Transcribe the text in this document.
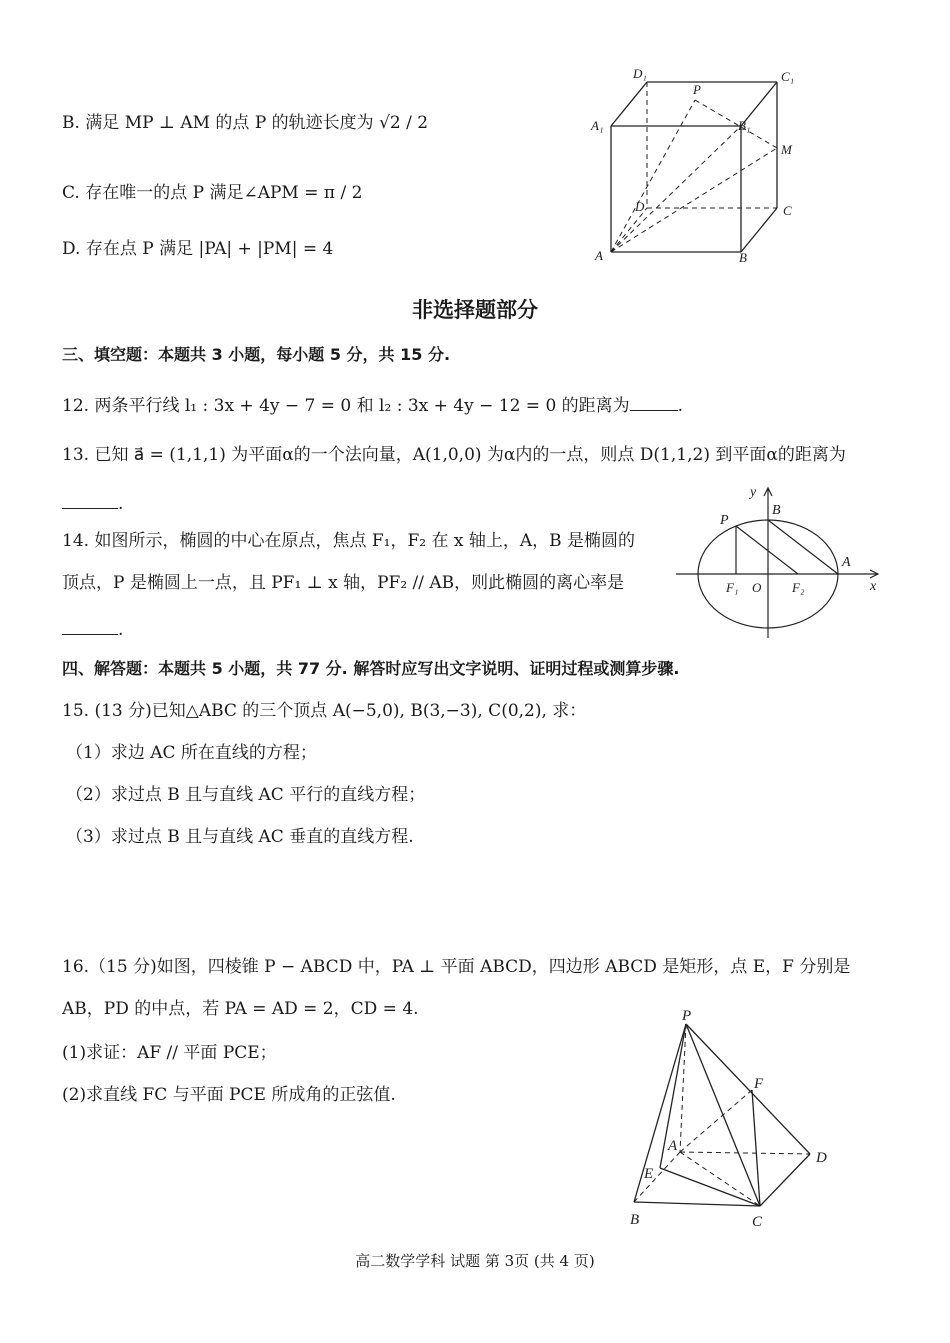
B. 满足 MP ⊥ AM 的点 P 的轨迹长度为 √2 / 2
C. 存在唯一的点 P 满足∠APM = π / 2
D. 存在点 P 满足 |PA| + |PM| = 4
D₁	C₁
A₁	B₁
P
M
D	C
A	B
非选择题部分
三、填空题：本题共 3 小题，每小题 5 分，共 15 分.
12. 两条平行线 l₁ : 3x + 4y − 7 = 0 和 l₂ : 3x + 4y − 12 = 0 的距离为	.
13. 已知 a⃗ = (1,1,1) 为平面α的一个法向量，A(1,0,0) 为α内的一点，则点 D(1,1,2) 到平面α的距离为
.
14. 如图所示，椭圆的中心在原点，焦点 F₁，F₂ 在 x 轴上，A，B 是椭圆的
顶点，P 是椭圆上一点，且 PF₁ ⊥ x 轴，PF₂ // AB，则此椭圆的离心率是
.
y
B
P
A
x
F₁ O F₂
四、解答题：本题共 5 小题，共 77 分. 解答时应写出文字说明、证明过程或测算步骤.
15. (13 分)已知△ABC 的三个顶点 A(−5,0), B(3,−3), C(0,2), 求：
（1）求边 AC 所在直线的方程；
（2）求过点 B 且与直线 AC 平行的直线方程；
（3）求过点 B 且与直线 AC 垂直的直线方程.
16.（15 分)如图，四棱锥 P − ABCD 中，PA ⊥ 平面 ABCD，四边形 ABCD 是矩形，点 E，F 分别是
AB，PD 的中点，若 PA = AD = 2，CD = 4.
(1)求证：AF // 平面 PCE；
(2)求直线 FC 与平面 PCE 所成角的正弦值.
P
F
A
D
E
B	C
高二数学学科 试题 第 3页 (共 4 页)
